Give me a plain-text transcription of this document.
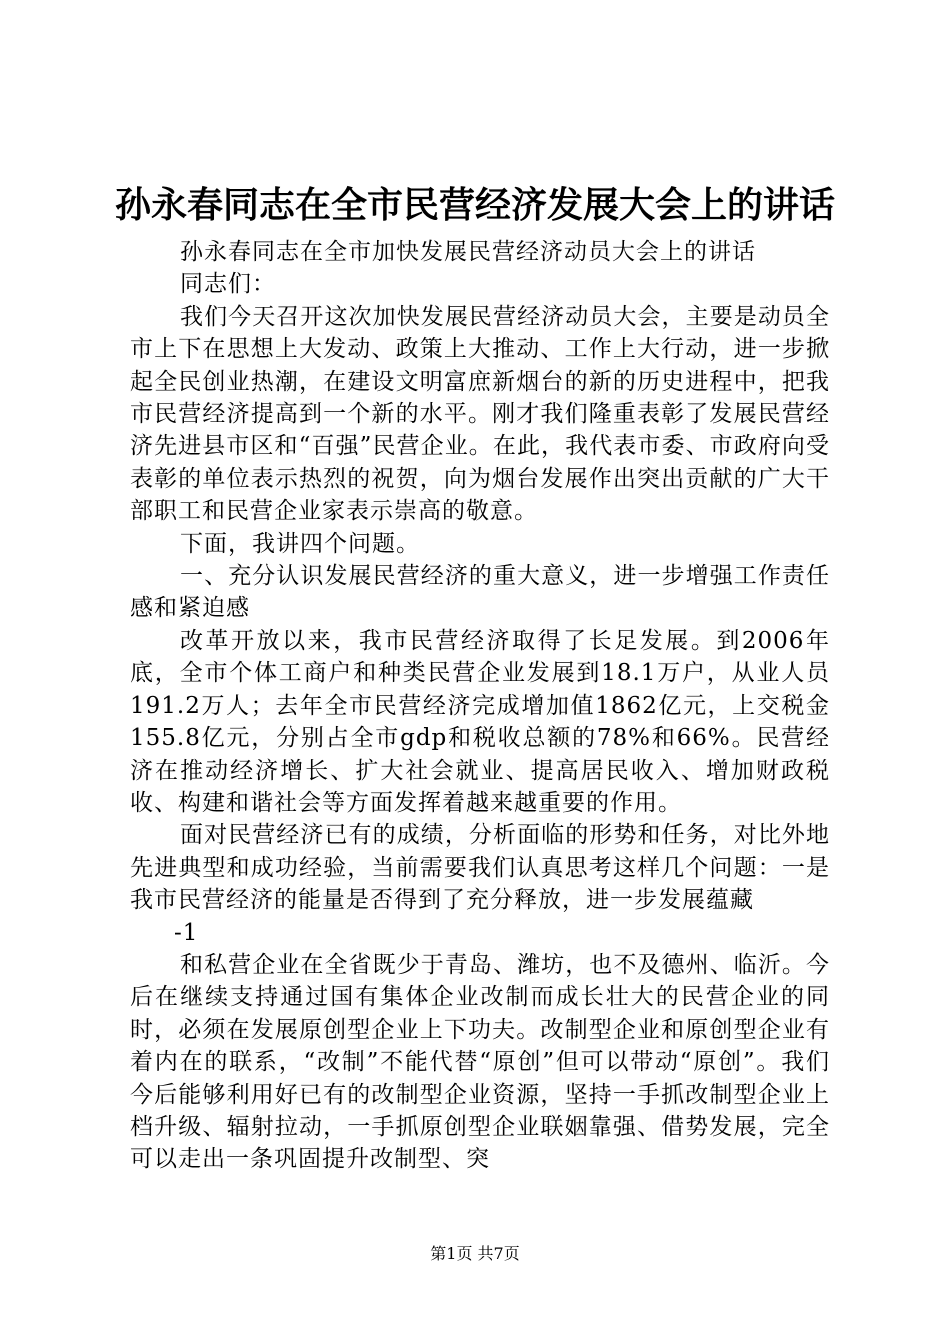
孙永春同志在全市民营经济发展大会上的讲话

孙永春同志在全市加快发展民营经济动员大会上的讲话

同志们：

我们今天召开这次加快发展民营经济动员大会，主要是动员全市上下在思想上大发动、政策上大推动、工作上大行动，进一步掀起全民创业热潮，在建设文明富庶新烟台的新的历史进程中，把我市民营经济提高到一个新的水平。刚才我们隆重表彰了发展民营经济先进县市区和“百强”民营企业。在此，我代表市委、市政府向受表彰的单位表示热烈的祝贺，向为烟台发展作出突出贡献的广大干部职工和民营企业家表示崇高的敬意。

下面，我讲四个问题。

一、充分认识发展民营经济的重大意义，进一步增强工作责任感和紧迫感

改革开放以来，我市民营经济取得了长足发展。到2006年底，全市个体工商户和种类民营企业发展到18.1万户，从业人员191.2万人；去年全市民营经济完成增加值1862亿元，上交税金155.8亿元，分别占全市gdp和税收总额的78%和66%。民营经济在推动经济增长、扩大社会就业、提高居民收入、增加财政税收、构建和谐社会等方面发挥着越来越重要的作用。

面对民营经济已有的成绩，分析面临的形势和任务，对比外地先进典型和成功经验，当前需要我们认真思考这样几个问题：一是我市民营经济的能量是否得到了充分释放，进一步发展蕴藏

-1

和私营企业在全省既少于青岛、潍坊，也不及德州、临沂。今后在继续支持通过国有集体企业改制而成长壮大的民营企业的同时，必须在发展原创型企业上下功夫。改制型企业和原创型企业有着内在的联系，“改制”不能代替“原创”但可以带动“原创”。我们今后能够利用好已有的改制型企业资源，坚持一手抓改制型企业上档升级、辐射拉动，一手抓原创型企业联姻靠强、借势发展，完全可以走出一条巩固提升改制型、突

第1页 共7页
